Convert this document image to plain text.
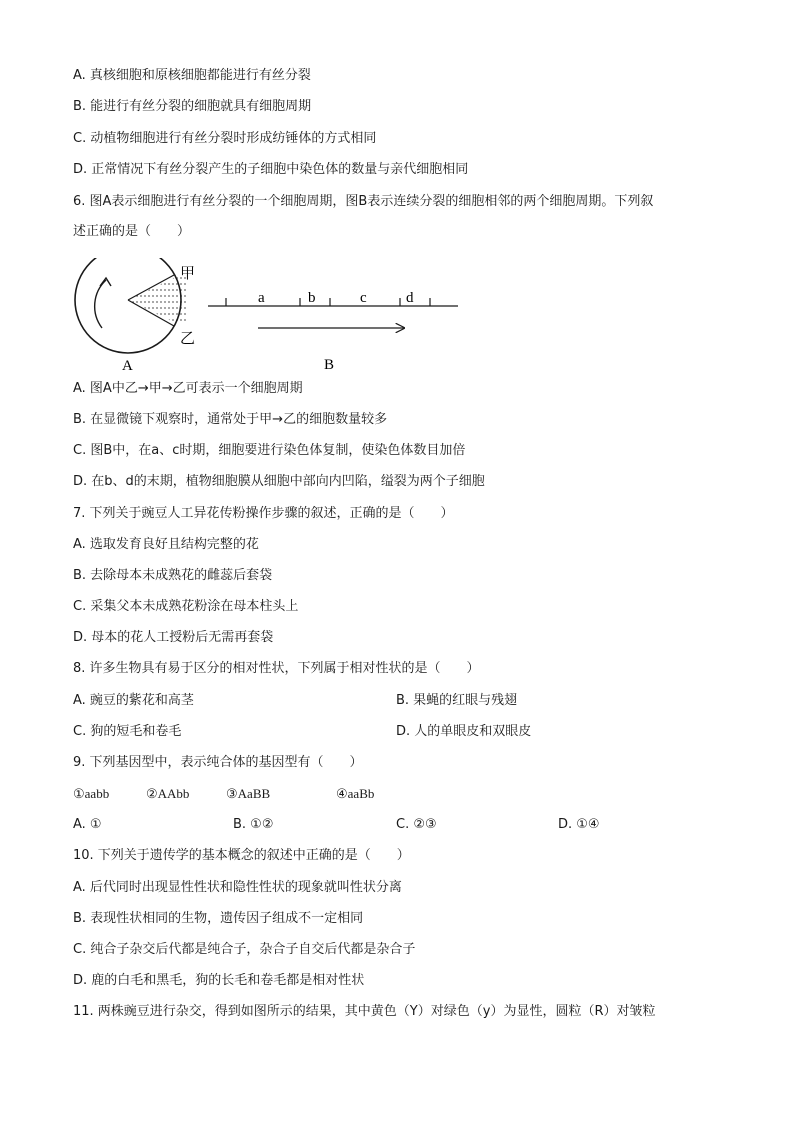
A. 真核细胞和原核细胞都能进行有丝分裂
B. 能进行有丝分裂的细胞就具有细胞周期
C. 动植物细胞进行有丝分裂时形成纺锤体的方式相同
D. 正常情况下有丝分裂产生的子细胞中染色体的数量与亲代细胞相同
6. 图A表示细胞进行有丝分裂的一个细胞周期，图B表示连续分裂的细胞相邻的两个细胞周期。下列叙
述正确的是（　　）
甲
乙
A
a	b	c	d
B
A. 图A中乙→甲→乙可表示一个细胞周期
B. 在显微镜下观察时，通常处于甲→乙的细胞数量较多
C. 图B中，在a、c时期，细胞要进行染色体复制，使染色体数目加倍
D. 在b、d的末期，植物细胞膜从细胞中部向内凹陷，缢裂为两个子细胞
7. 下列关于豌豆人工异花传粉操作步骤的叙述，正确的是（　　）
A. 选取发育良好且结构完整的花
B. 去除母本未成熟花的雌蕊后套袋
C. 采集父本未成熟花粉涂在母本柱头上
D. 母本的花人工授粉后无需再套袋
8. 许多生物具有易于区分的相对性状，下列属于相对性状的是（　　）
A. 豌豆的紫花和高茎	B. 果蝇的红眼与残翅
C. 狗的短毛和卷毛	D. 人的单眼皮和双眼皮
9. 下列基因型中，表示纯合体的基因型有（　　）
①aabb	②AAbb	③AaBB	④aaBb
A. ①	B. ①②	C. ②③	D. ①④
10. 下列关于遗传学的基本概念的叙述中正确的是（　　）
A. 后代同时出现显性性状和隐性性状的现象就叫性状分离
B. 表现性状相同的生物，遗传因子组成不一定相同
C. 纯合子杂交后代都是纯合子，杂合子自交后代都是杂合子
D. 鹿的白毛和黑毛，狗的长毛和卷毛都是相对性状
11. 两株豌豆进行杂交，得到如图所示的结果，其中黄色（Y）对绿色（y）为显性，圆粒（R）对皱粒
